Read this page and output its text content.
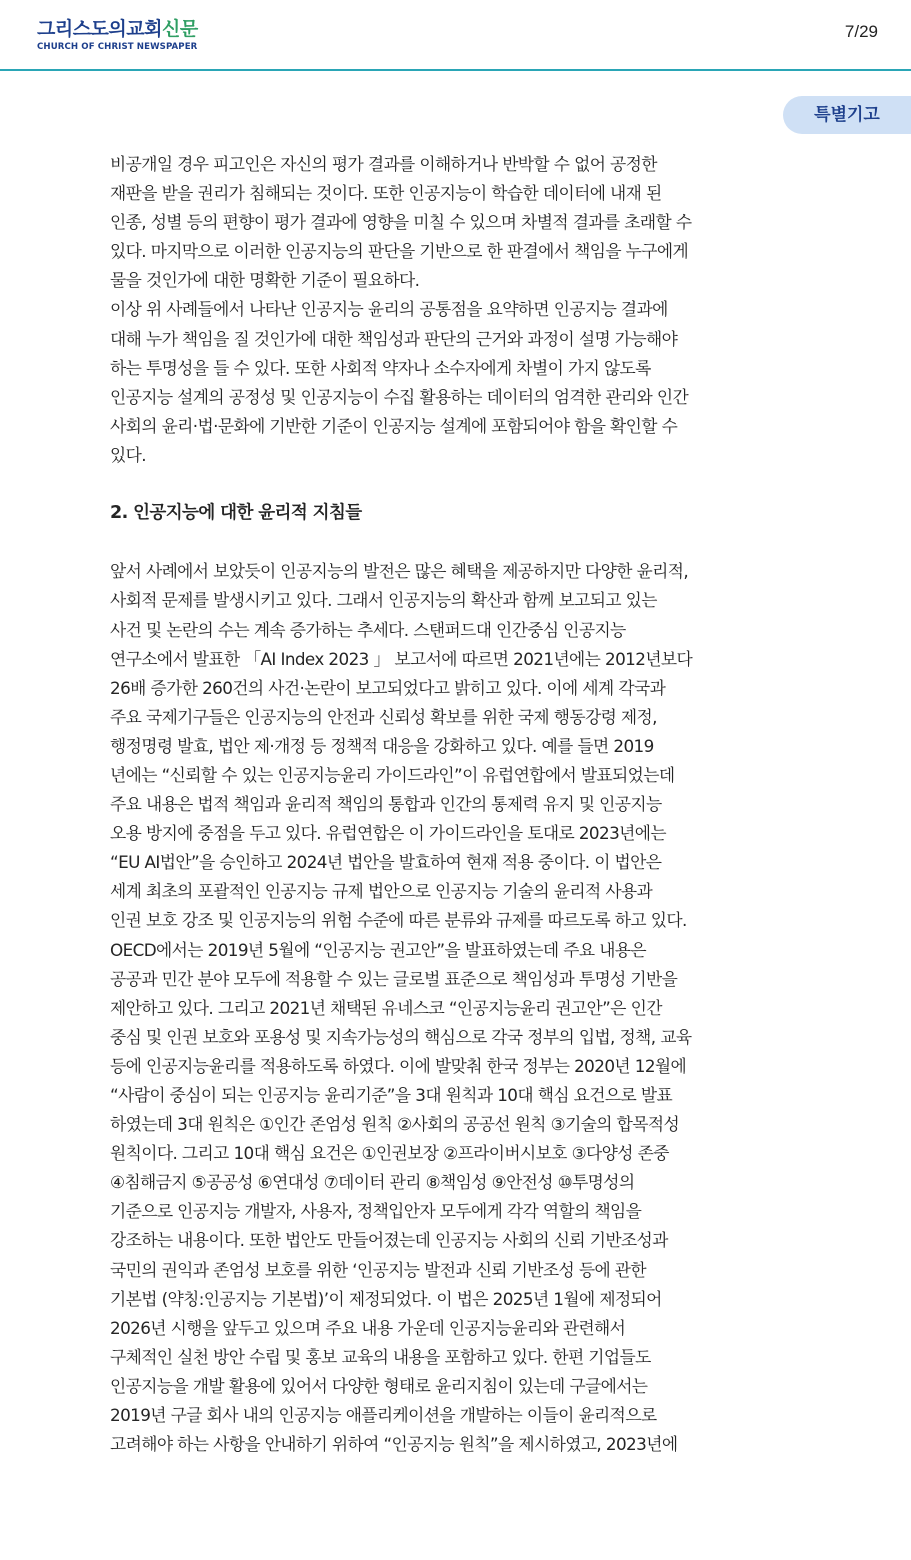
그리스도의교회신문
CHURCH OF CHRIST NEWSPAPER
7/29
특별기고

비공개일 경우 피고인은 자신의 평가 결과를 이해하거나 반박할 수 없어 공정한

재판을 받을 권리가 침해되는 것이다. 또한 인공지능이 학습한 데이터에 내재 된

인종, 성별 등의 편향이 평가 결과에 영향을 미칠 수 있으며 차별적 결과를 초래할 수

있다. 마지막으로 이러한 인공지능의 판단을 기반으로 한 판결에서 책임을 누구에게

물을 것인가에 대한 명확한 기준이 필요하다.

이상 위 사례들에서 나타난 인공지능 윤리의 공통점을 요약하면 인공지능 결과에

대해 누가 책임을 질 것인가에 대한 책임성과 판단의 근거와 과정이 설명 가능해야

하는 투명성을 들 수 있다. 또한 사회적 약자나 소수자에게 차별이 가지 않도록

인공지능 설계의 공정성 및 인공지능이 수집 활용하는 데이터의 엄격한 관리와 인간

사회의 윤리·법·문화에 기반한 기준이 인공지능 설계에 포함되어야 함을 확인할 수

있다.

2. 인공지능에 대한 윤리적 지침들

앞서 사례에서 보았듯이 인공지능의 발전은 많은 혜택을 제공하지만 다양한 윤리적,

사회적 문제를 발생시키고 있다. 그래서 인공지능의 확산과 함께 보고되고 있는

사건 및 논란의 수는 계속 증가하는 추세다. 스탠퍼드대 인간중심 인공지능

연구소에서 발표한 「AI Index 2023 」 보고서에 따르면 2021년에는 2012년보다

26배 증가한 260건의 사건·논란이 보고되었다고 밝히고 있다. 이에 세계 각국과

주요 국제기구들은 인공지능의 안전과 신뢰성 확보를 위한 국제 행동강령 제정,

행정명령 발효, 법안 제·개정 등 정책적 대응을 강화하고 있다. 예를 들면 2019

년에는 “신뢰할 수 있는 인공지능윤리 가이드라인”이 유럽연합에서 발표되었는데

주요 내용은 법적 책임과 윤리적 책임의 통합과 인간의 통제력 유지 및 인공지능

오용 방지에 중점을 두고 있다. 유럽연합은 이 가이드라인을 토대로 2023년에는

“EU AI법안”을 승인하고 2024년 법안을 발효하여 현재 적용 중이다. 이 법안은

세계 최초의 포괄적인 인공지능 규제 법안으로 인공지능 기술의 윤리적 사용과

인권 보호 강조 및 인공지능의 위험 수준에 따른 분류와 규제를 따르도록 하고 있다.

OECD에서는 2019년 5월에 “인공지능 권고안”을 발표하였는데 주요 내용은

공공과 민간 분야 모두에 적용할 수 있는 글로벌 표준으로 책임성과 투명성 기반을

제안하고 있다. 그리고 2021년 채택된 유네스코 “인공지능윤리 권고안”은 인간

중심 및 인권 보호와 포용성 및 지속가능성의 핵심으로 각국 정부의 입법, 정책, 교육

등에 인공지능윤리를 적용하도록 하였다. 이에 발맞춰 한국 정부는 2020년 12월에

“사람이 중심이 되는 인공지능 윤리기준”을 3대 원칙과 10대 핵심 요건으로 발표

하였는데 3대 원칙은 ①인간 존엄성 원칙 ②사회의 공공선 원칙 ③기술의 합목적성

원칙이다. 그리고 10대 핵심 요건은 ①인권보장 ②프라이버시보호 ③다양성 존중

④침해금지 ⑤공공성 ⑥연대성 ⑦데이터 관리 ⑧책임성 ⑨안전성 ⑩투명성의

기준으로 인공지능 개발자, 사용자, 정책입안자 모두에게 각각 역할의 책임을

강조하는 내용이다. 또한 법안도 만들어졌는데 인공지능 사회의 신뢰 기반조성과

국민의 권익과 존엄성 보호를 위한 ‘인공지능 발전과 신뢰 기반조성 등에 관한

기본법 (약칭:인공지능 기본법)’이 제정되었다. 이 법은 2025년 1월에 제정되어

2026년 시행을 앞두고 있으며 주요 내용 가운데 인공지능윤리와 관련해서

구체적인 실천 방안 수립 및 홍보 교육의 내용을 포함하고 있다. 한편 기업들도

인공지능을 개발 활용에 있어서 다양한 형태로 윤리지침이 있는데 구글에서는

2019년 구글 회사 내의 인공지능 애플리케이션을 개발하는 이들이 윤리적으로

고려해야 하는 사항을 안내하기 위하여 “인공지능 원칙”을 제시하였고, 2023년에
